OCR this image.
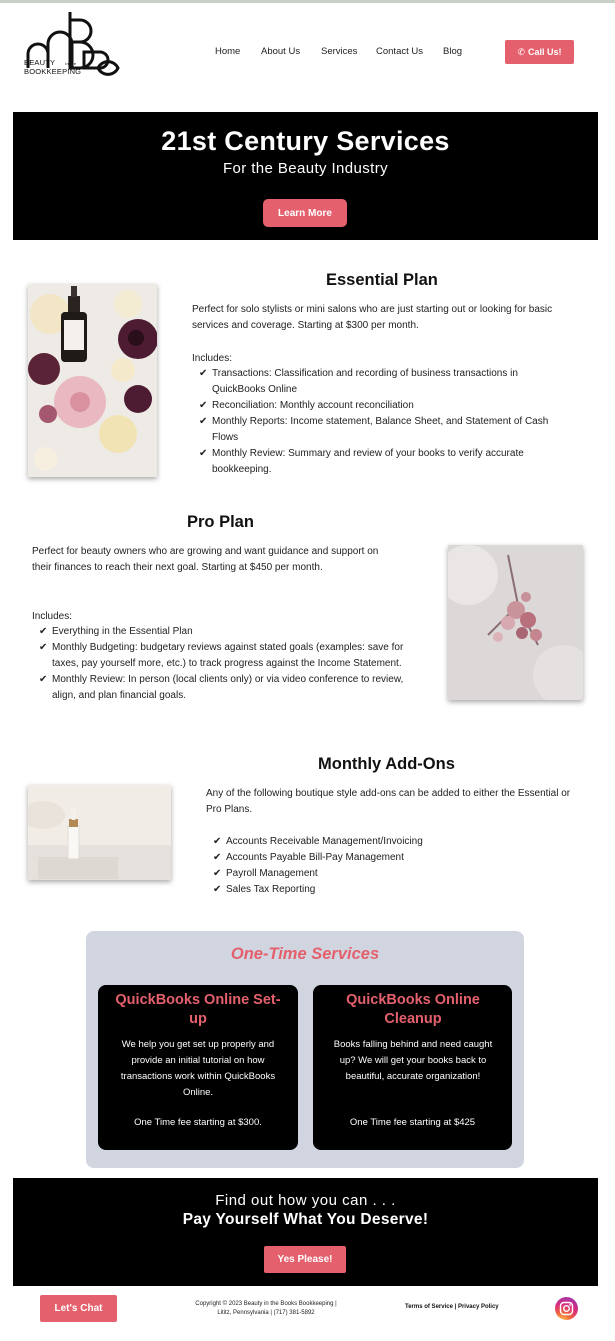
BEAUTY	in the
BOOKKEEPING
Home About Us Services Contact Us Blog	✆ Call Us!
21st Century Services
For the Beauty Industry
Learn More
Essential Plan
Perfect for solo stylists or mini salons who are just starting out or looking for basic services and coverage. Starting at $300 per month.
Includes:
✔ Transactions: Classification and recording of business transactions in QuickBooks Online
✔ Reconciliation: Monthly account reconciliation
✔ Monthly Reports: Income statement, Balance Sheet, and Statement of Cash Flows
✔ Monthly Review: Summary and review of your books to verify accurate bookkeeping.
Pro Plan
Perfect for beauty owners who are growing and want guidance and support on their finances to reach their next goal. Starting at $450 per month.
Includes:
✔ Everything in the Essential Plan
✔ Monthly Budgeting: budgetary reviews against stated goals (examples: save for taxes, pay yourself more, etc.) to track progress against the Income Statement.
✔ Monthly Review: In person (local clients only) or via video conference to review, align, and plan financial goals.
Monthly Add-Ons
Any of the following boutique style add-ons can be added to either the Essential or Pro Plans.
✔ Accounts Receivable Management/Invoicing
✔ Accounts Payable Bill-Pay Management
✔ Payroll Management
✔ Sales Tax Reporting
One-Time Services
QuickBooks Online Set-up

We help you get set up properly and provide an initial tutorial on how transactions work within QuickBooks Online.

One Time fee starting at $300.
QuickBooks Online Cleanup

Books falling behind and need caught up? We will get your books back to beautiful, accurate organization!

One Time fee starting at $425
Find out how you can . . .
Pay Yourself What You Deserve!
Yes Please!
Let's Chat	Copyright © 2023 Beauty in the Books Bookkeeping |
Lititz, Pennsylvania | (717) 381-5892
Terms of Service | Privacy Policy
